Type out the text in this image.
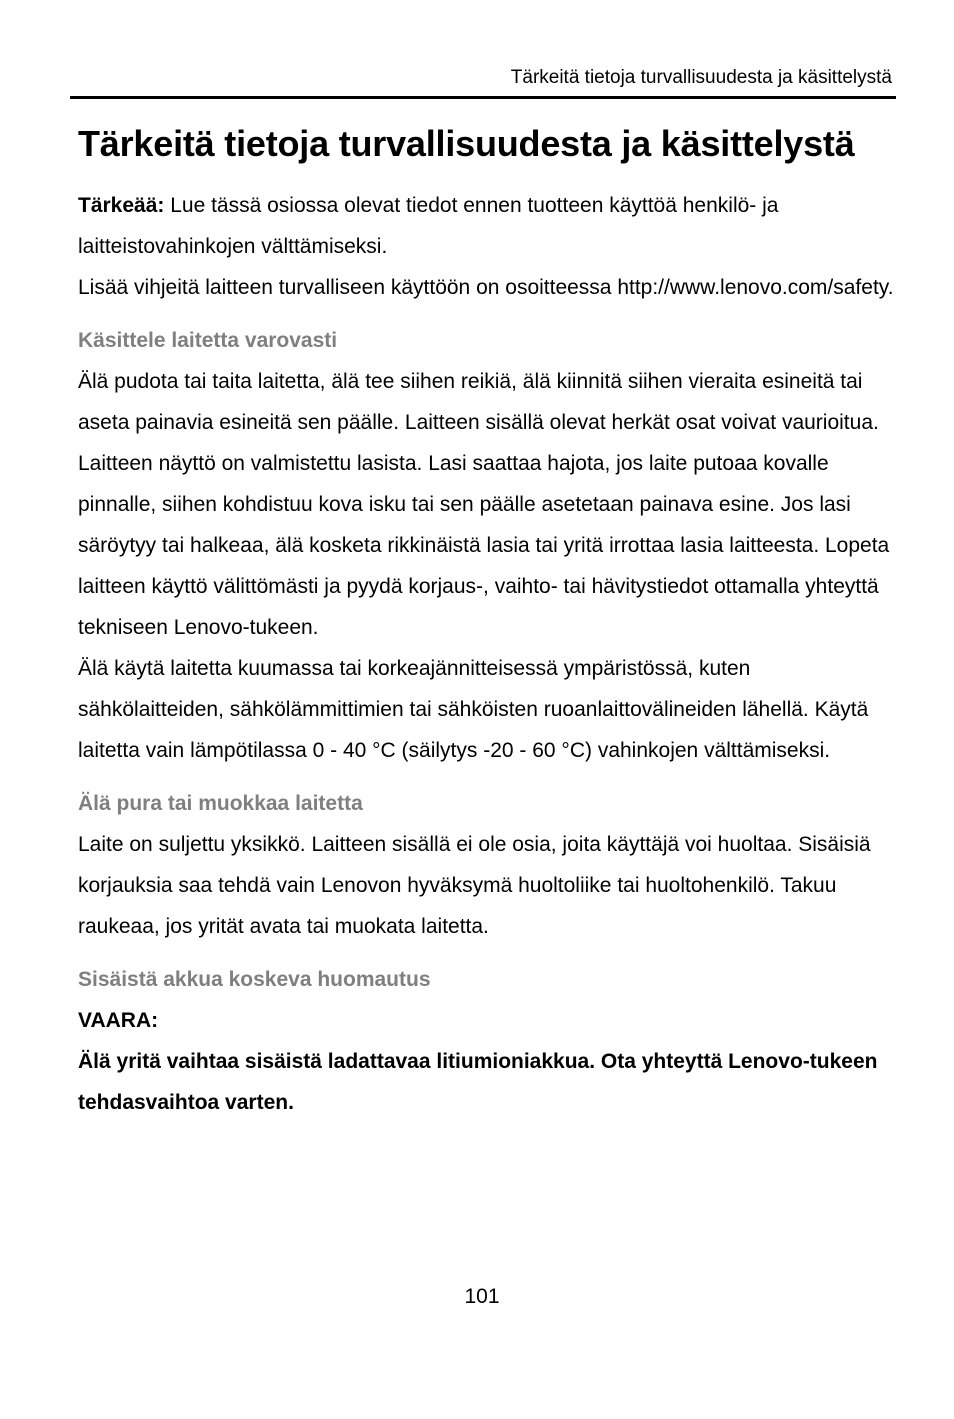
Tärkeitä tietoja turvallisuudesta ja käsittelystä
Tärkeitä tietoja turvallisuudesta ja käsittelystä

Tärkeää: Lue tässä osiossa olevat tiedot ennen tuotteen käyttöä henkilö- ja laitteistovahinkojen välttämiseksi.

Lisää vihjeitä laitteen turvalliseen käyttöön on osoitteessa http://www.lenovo.com/safety.

Käsittele laitetta varovasti

Älä pudota tai taita laitetta, älä tee siihen reikiä, älä kiinnitä siihen vieraita esineitä tai aseta painavia esineitä sen päälle. Laitteen sisällä olevat herkät osat voivat vaurioitua.

Laitteen näyttö on valmistettu lasista. Lasi saattaa hajota, jos laite putoaa kovalle pinnalle, siihen kohdistuu kova isku tai sen päälle asetetaan painava esine. Jos lasi säröytyy tai halkeaa, älä kosketa rikkinäistä lasia tai yritä irrottaa lasia laitteesta. Lopeta laitteen käyttö välittömästi ja pyydä korjaus-, vaihto- tai hävitystiedot ottamalla yhteyttä tekniseen Lenovo-tukeen.

Älä käytä laitetta kuumassa tai korkeajännitteisessä ympäristössä, kuten sähkölaitteiden, sähkölämmittimien tai sähköisten ruoanlaittovälineiden lähellä. Käytä laitetta vain lämpötilassa 0 - 40 °C (säilytys -20 - 60 °C) vahinkojen välttämiseksi.

Älä pura tai muokkaa laitetta

Laite on suljettu yksikkö. Laitteen sisällä ei ole osia, joita käyttäjä voi huoltaa. Sisäisiä korjauksia saa tehdä vain Lenovon hyväksymä huoltoliike tai huoltohenkilö. Takuu raukeaa, jos yrität avata tai muokata laitetta.

Sisäistä akkua koskeva huomautus

VAARA:

Älä yritä vaihtaa sisäistä ladattavaa litiumioniakkua. Ota yhteyttä Lenovo-tukeen tehdasvaihtoa varten.

101
